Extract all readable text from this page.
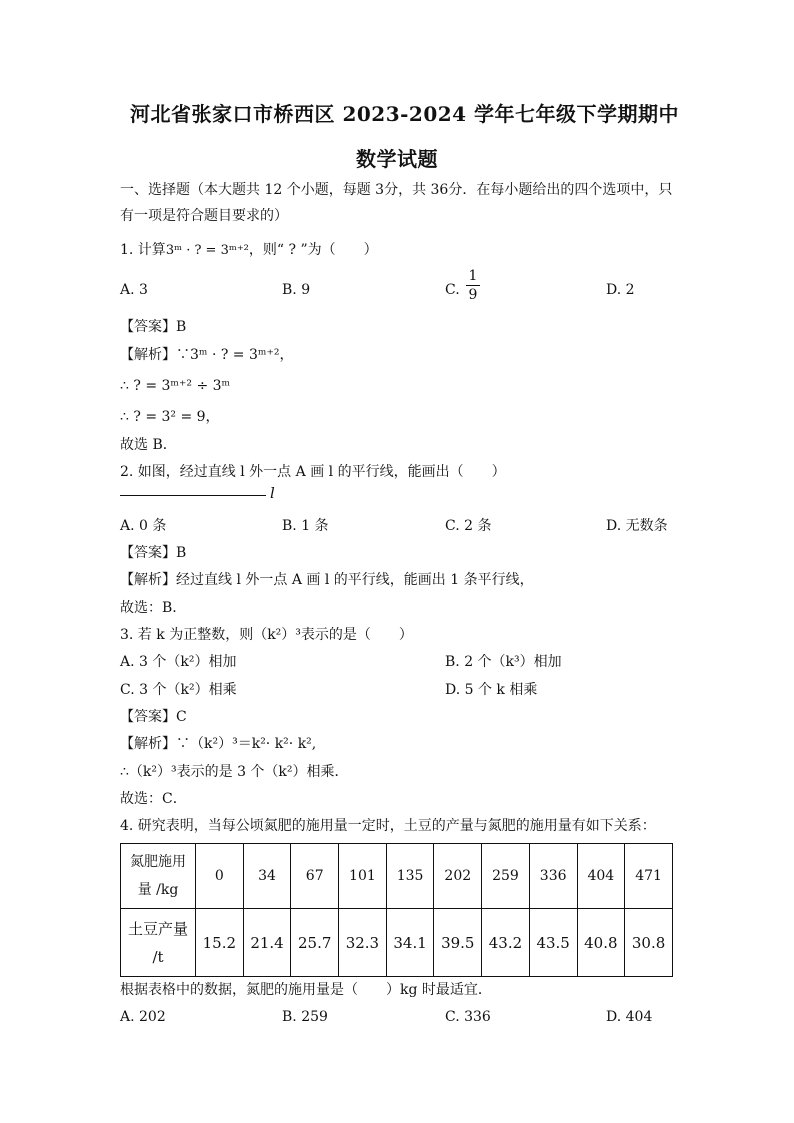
河北省张家口市桥西区 2023-2024 学年七年级下学期期中
数学试题
一、选择题（本大题共 12 个小题，每题 3分，共 36分．在每小题给出的四个选项中，只
有一项是符合题目要求的）
1. 计算3ᵐ · ? = 3ᵐ⁺²，则“ ? ”为（　　）
A. 3	B. 9	C.
1
9	D. 2
【答案】B
【解析】∵3ᵐ · ? = 3ᵐ⁺²，
∴ ? = 3ᵐ⁺² ÷ 3ᵐ
∴ ? = 3² = 9，
故选 B．
2. 如图，经过直线 l 外一点 A 画 l 的平行线，能画出（　　）
l
A. 0 条	B. 1 条	C. 2 条	D. 无数条
【答案】B
【解析】经过直线 l 外一点 A 画 l 的平行线，能画出 1 条平行线，
故选：B.
3. 若 k 为正整数，则（k²）³表示的是（　　）
A. 3 个（k²）相加	B. 2 个（k³）相加
C. 3 个（k²）相乘	D. 5 个 k 相乘
【答案】C
【解析】∵（k²）³＝k²· k²· k²,
∴（k²）³表示的是 3 个（k²）相乘．
故选：C．
4. 研究表明，当每公顷氮肥的施用量一定时，土豆的产量与氮肥的施用量有如下关系：
氮肥施用
量 /kg	0	34	67	101	135	202	259	336	404	471

土豆产量
/t	15.2	21.4	25.7	32.3	34.1	39.5	43.2	43.5	40.8	30.8
根据表格中的数据，氮肥的施用量是（　　）kg 时最适宜．
A. 202	B. 259	C. 336	D. 404
